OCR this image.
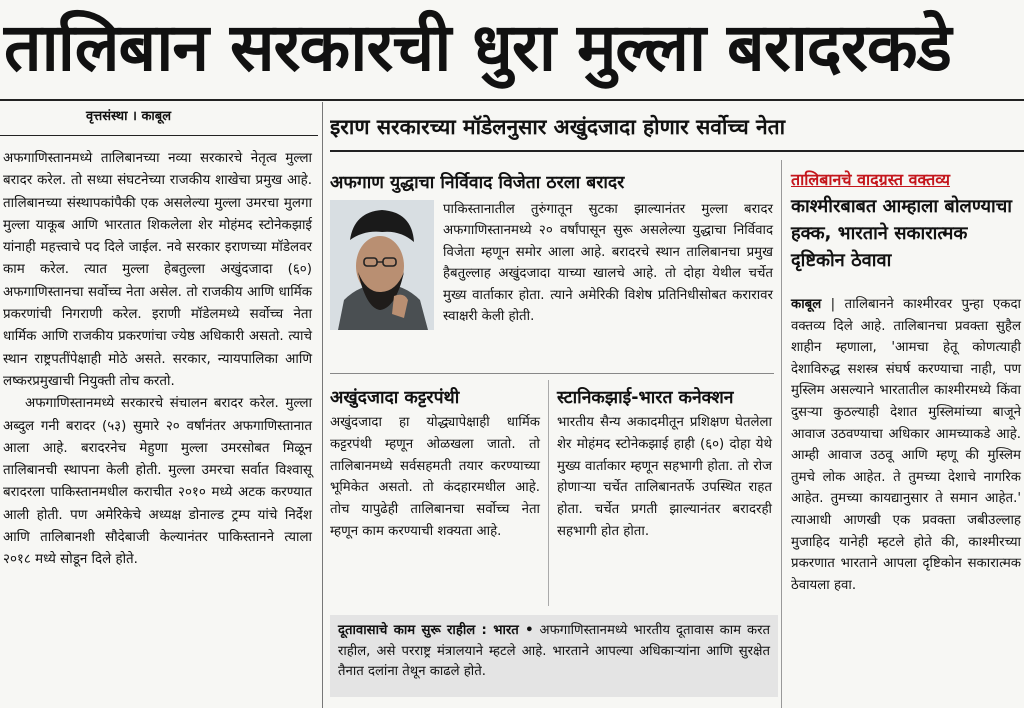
तालिबान सरकारची धुरा मुल्ला बरादरकडे
वृत्तसंस्था । काबूल

अफगाणिस्तानमध्ये तालिबानच्या नव्या सरकारचे नेतृत्व मुल्ला बरादर करेल. तो सध्या संघटनेच्या राजकीय शाखेचा प्रमुख आहे. तालिबानच्या संस्थापकांपैकी एक असलेल्या मुल्ला उमरचा मुलगा मुल्ला याकूब आणि भारतात शिकलेला शेर मोहंमद स्टोनेकझाई यांनाही महत्त्वाचे पद दिले जाईल. नवे सरकार इराणच्या मॉडेलवर काम करेल. त्यात मुल्ला हेबतुल्ला अखुंदजादा (६०) अफगाणिस्तानचा सर्वोच्च नेता असेल. तो राजकीय आणि धार्मिक प्रकरणांची निगराणी करेल. इराणी मॉडेलमध्ये सर्वोच्च नेता धार्मिक आणि राजकीय प्रकरणांचा ज्येष्ठ अधिकारी असतो. त्याचे स्थान राष्ट्रपतींपेक्षाही मोठे असते. सरकार, न्यायपालिका आणि लष्करप्रमुखाची नियुक्ती तोच करतो.

अफगाणिस्तानमध्ये सरकारचे संचालन बरादर करेल. मुल्ला अब्दुल गनी बरादर (५३) सुमारे २० वर्षांनंतर अफगाणिस्तानात आला आहे. बरादरनेच मेहुणा मुल्ला उमरसोबत मिळून तालिबानची स्थापना केली होती. मुल्ला उमरचा सर्वात विश्वासू बरादरला पाकिस्तानमधील कराचीत २०१० मध्ये अटक करण्यात आली होती. पण अमेरिकेचे अध्यक्ष डोनाल्ड ट्रम्प यांचे निर्देश आणि तालिबानशी सौदेबाजी केल्यानंतर पाकिस्तानने त्याला २०१८ मध्ये सोडून दिले होते.

इराण सरकारच्या मॉडेलनुसार अखुंदजादा होणार सर्वोच्च नेता
अफगाण युद्धाचा निर्विवाद विजेता ठरला बरादर

पाकिस्तानातील तुरुंगातून सुटका झाल्यानंतर मुल्ला बरादर अफगाणिस्तानमध्ये २० वर्षांपासून सुरू असलेल्या युद्धाचा निर्विवाद विजेता म्हणून समोर आला आहे. बरादरचे स्थान तालिबानचा प्रमुख हैबतुल्लाह अखुंदजादा याच्या खालचे आहे. तो दोहा येथील चर्चेत मुख्य वार्ताकार होता. त्याने अमेरिकी विशेष प्रतिनिधीसोबत करारावर स्वाक्षरी केली होती.

अखुंदजादा कट्टरपंथी

अखुंदजादा हा योद्ध्यापेक्षाही धार्मिक कट्टरपंथी म्हणून ओळखला जातो. तो तालिबानमध्ये सर्वसहमती तयार करण्याच्या भूमिकेत असतो. तो कंदहारमधील आहे. तोच यापुढेही तालिबानचा सर्वोच्च नेता म्हणून काम करण्याची शक्यता आहे.

स्टानिकझाई-भारत कनेक्शन

भारतीय सैन्य अकादमीतून प्रशिक्षण घेतलेला शेर मोहंमद स्टोनेकझाई हाही (६०) दोहा येथे मुख्य वार्ताकार म्हणून सहभागी होता. तो रोज होणाऱ्या चर्चेत तालिबानतर्फे उपस्थित राहत होता. चर्चेत प्रगती झाल्यानंतर बरादरही सहभागी होत होता.

दूतावासाचे काम सुरू राहील : भारत • अफगाणिस्तानमध्ये भारतीय दूतावास काम करत राहील, असे परराष्ट्र मंत्रालयाने म्हटले आहे. भारताने आपल्या अधिकाऱ्यांना आणि सुरक्षेत तैनात दलांना तेथून काढले होते.
तालिबानचे वादग्रस्त वक्तव्य
काश्मीरबाबत आम्हाला बोलण्याचा हक्क, भारताने सकारात्मक दृष्टिकोन ठेवावा

काबूल | तालिबानने काश्मीरवर पुन्हा एकदा वक्तव्य दिले आहे. तालिबानचा प्रवक्ता सुहैल शाहीन म्हणाला, 'आमचा हेतू कोणत्याही देशाविरुद्ध सशस्त्र संघर्ष करण्याचा नाही, पण मुस्लिम असल्याने भारतातील काश्मीरमध्ये किंवा दुसऱ्या कुठल्याही देशात मुस्लिमांच्या बाजूने आवाज उठवण्याचा अधिकार आमच्याकडे आहे. आम्ही आवाज उठवू आणि म्हणू की मुस्लिम तुमचे लोक आहेत. ते तुमच्या देशाचे नागरिक आहेत. तुमच्या कायद्यानुसार ते समान आहेत.' त्याआधी आणखी एक प्रवक्ता जबीउल्लाह मुजाहिद यानेही म्हटले होते की, काश्मीरच्या प्रकरणात भारताने आपला दृष्टिकोन सकारात्मक ठेवायला हवा.
